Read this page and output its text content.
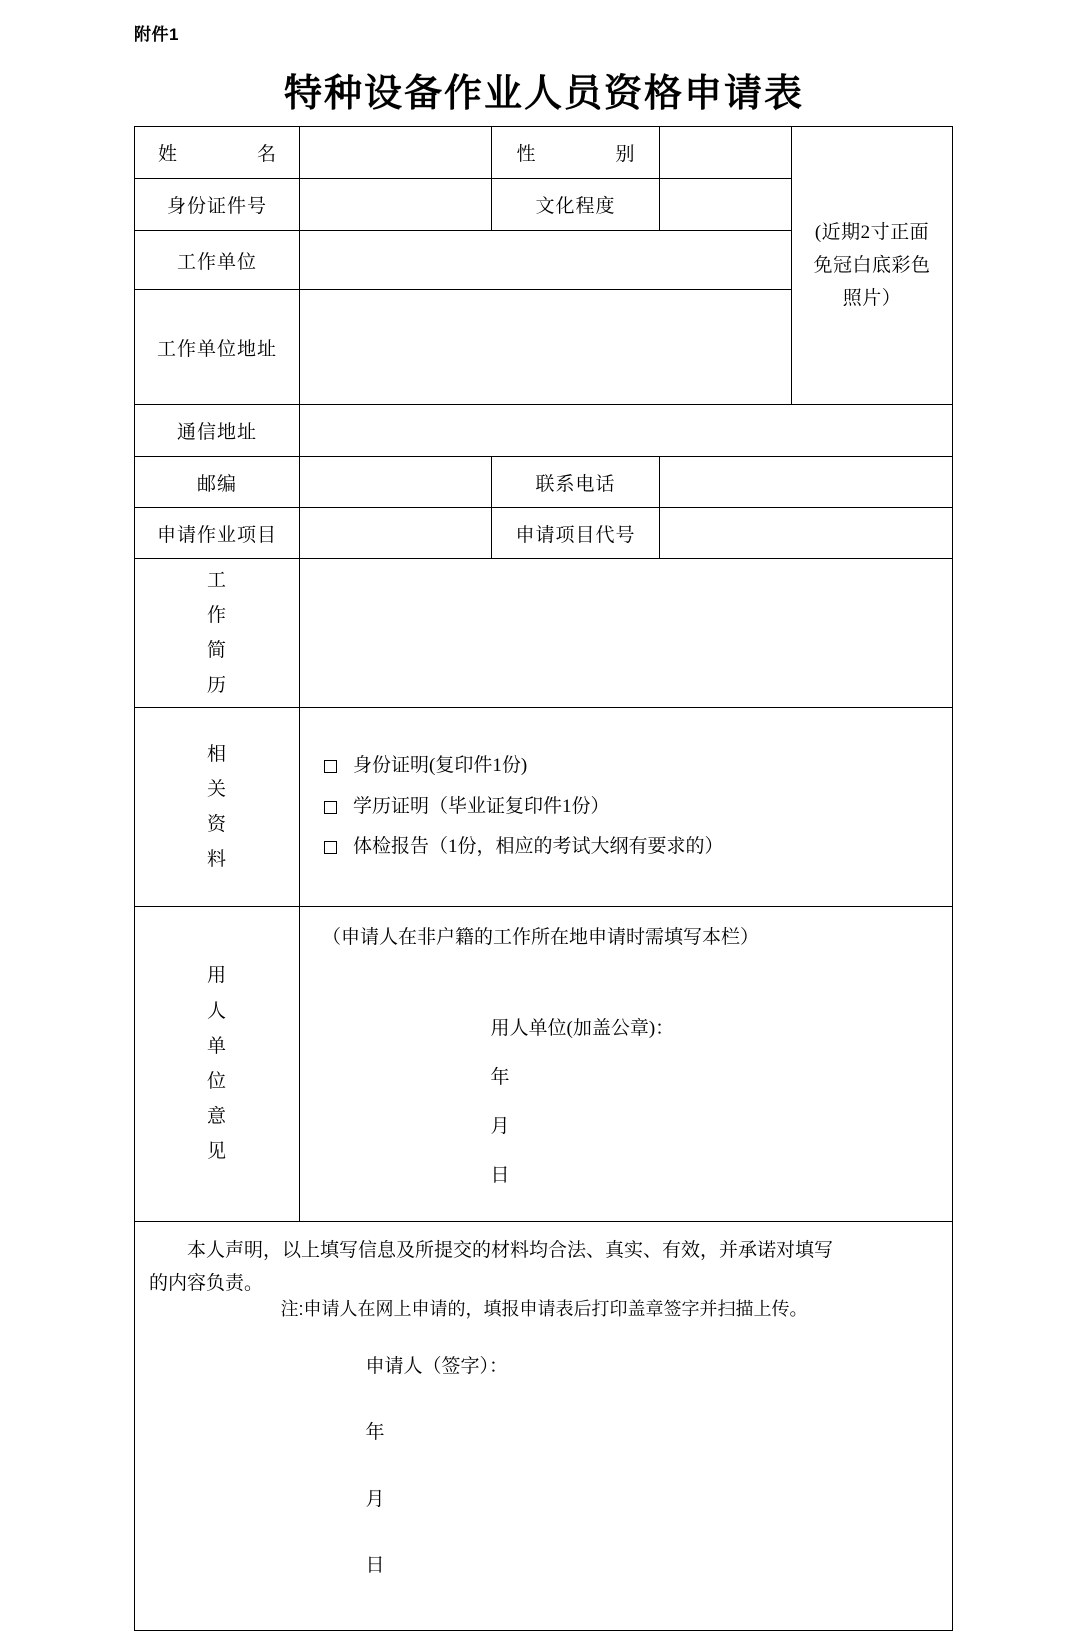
附件1
特种设备作业人员资格申请表
姓　　名		性　　别		(近期2寸正面
免冠白底彩色
照片）

身份证件号		文化程度		
工作单位				
工作单位地址				
通信地址				
邮编		联系电话		
申请作业项目		申请项目代号		

工
作
简
历				

相
关
资
料

身份证明(复印件1份)
学历证明（毕业证复印件1份）
体检报告（1份，相应的考试大纲有要求的）

用
人
单
位
意
见

（申请人在非户籍的工作所在地申请时需填写本栏）

用人单位(加盖公章)：

年

月

日

本人声明，以上填写信息及所提交的材料均合法、真实、有效，并承诺对填写
的内容负责。

申请人（签字）：

年

月

日

注:申请人在网上申请的，填报申请表后打印盖章签字并扫描上传。
